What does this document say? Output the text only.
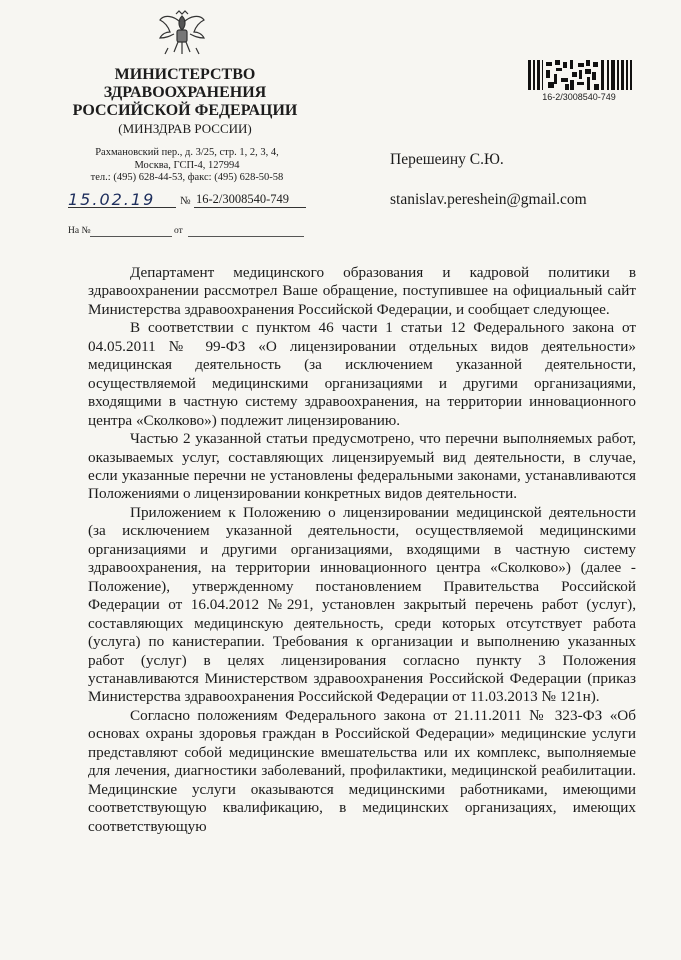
МИНИСТЕРСТВО
ЗДРАВООХРАНЕНИЯ
РОССИЙСКОЙ ФЕДЕРАЦИИ
(МИНЗДРАВ РОССИИ)
Рахмановский пер., д. 3/25, стр. 1, 2, 3, 4,
Москва, ГСП-4, 127994
тел.: (495) 628-44-53, факс: (495) 628-50-58
15.02.19	№ 16-2/3008540-749
На №	от
16-2/3008540-749
Перешеину С.Ю.
stanislav.pereshein@gmail.com

Департамент медицинского образования и кадровой политики в здравоохранении рассмотрел Ваше обращение, поступившее на официальный сайт Министерства здравоохранения Российской Федерации, и сообщает следующее.

В соответствии с пунктом 46 части 1 статьи 12 Федерального закона от 04.05.2011 № 99-ФЗ «О лицензировании отдельных видов деятельности» медицинская деятельность (за исключением указанной деятельности, осуществляемой медицинскими организациями и другими организациями, входящими в частную систему здравоохранения, на территории инновационного центра «Сколково») подлежит лицензированию.

Частью 2 указанной статьи предусмотрено, что перечни выполняемых работ, оказываемых услуг, составляющих лицензируемый вид деятельности, в случае, если указанные перечни не установлены федеральными законами, устанавливаются Положениями о лицензировании конкретных видов деятельности.

Приложением к Положению о лицензировании медицинской деятельности (за исключением указанной деятельности, осуществляемой медицинскими организациями и другими организациями, входящими в частную систему здравоохранения, на территории инновационного центра «Сколково») (далее - Положение), утвержденному постановлением Правительства Российской Федерации от 16.04.2012 №291, установлен закрытый перечень работ (услуг), составляющих медицинскую деятельность, среди которых отсутствует работа (услуга) по канистерапии. Требования к организации и выполнению указанных работ (услуг) в целях лицензирования согласно пункту 3 Положения устанавливаются Министерством здравоохранения Российской Федерации (приказ Министерства здравоохранения Российской Федерации от 11.03.2013 № 121н).

Согласно положениям Федерального закона от 21.11.2011 № 323-ФЗ «Об основах охраны здоровья граждан в Российской Федерации» медицинские услуги представляют собой медицинские вмешательства или их комплекс, выполняемые для лечения, диагностики заболеваний, профилактики, медицинской реабилитации. Медицинские услуги оказываются медицинскими работниками, имеющими соответствующую квалификацию, в медицинских организациях, имеющих соответствующую
